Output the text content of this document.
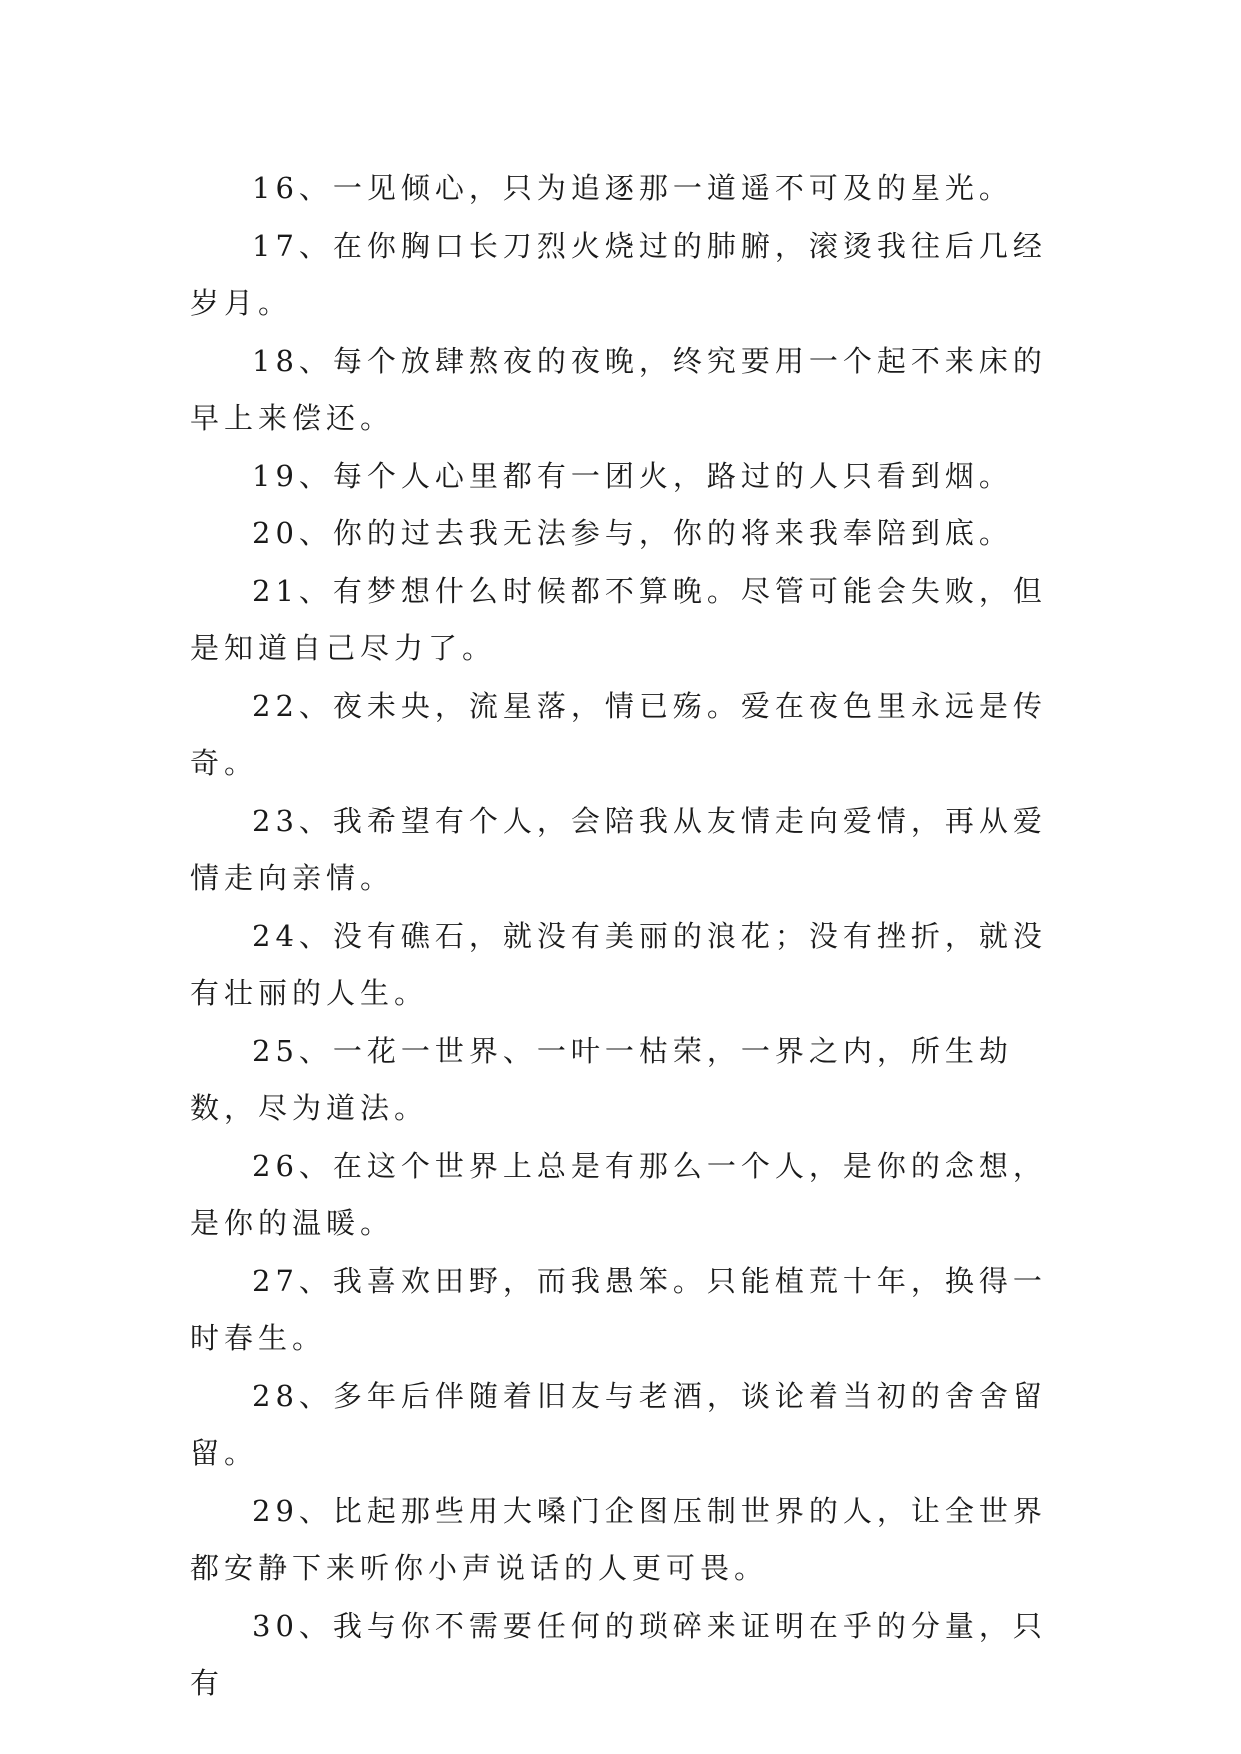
16、一见倾心，只为追逐那一道遥不可及的星光。

17、在你胸口长刀烈火烧过的肺腑，滚烫我往后几经岁月。

18、每个放肆熬夜的夜晚，终究要用一个起不来床的早上来偿还。

19、每个人心里都有一团火，路过的人只看到烟。

20、你的过去我无法参与，你的将来我奉陪到底。

21、有梦想什么时候都不算晚。尽管可能会失败，但是知道自己尽力了。

22、夜未央，流星落，情已殇。爱在夜色里永远是传奇。

23、我希望有个人，会陪我从友情走向爱情，再从爱情走向亲情。

24、没有礁石，就没有美丽的浪花；没有挫折，就没有壮丽的人生。

25、一花一世界、一叶一枯荣，一界之内，所生劫数，尽为道法。

26、在这个世界上总是有那么一个人，是你的念想，是你的温暖。

27、我喜欢田野，而我愚笨。只能植荒十年，换得一时春生。

28、多年后伴随着旧友与老酒，谈论着当初的舍舍留留。

29、比起那些用大嗓门企图压制世界的人，让全世界都安静下来听你小声说话的人更可畏。

30、我与你不需要任何的琐碎来证明在乎的分量，只有
